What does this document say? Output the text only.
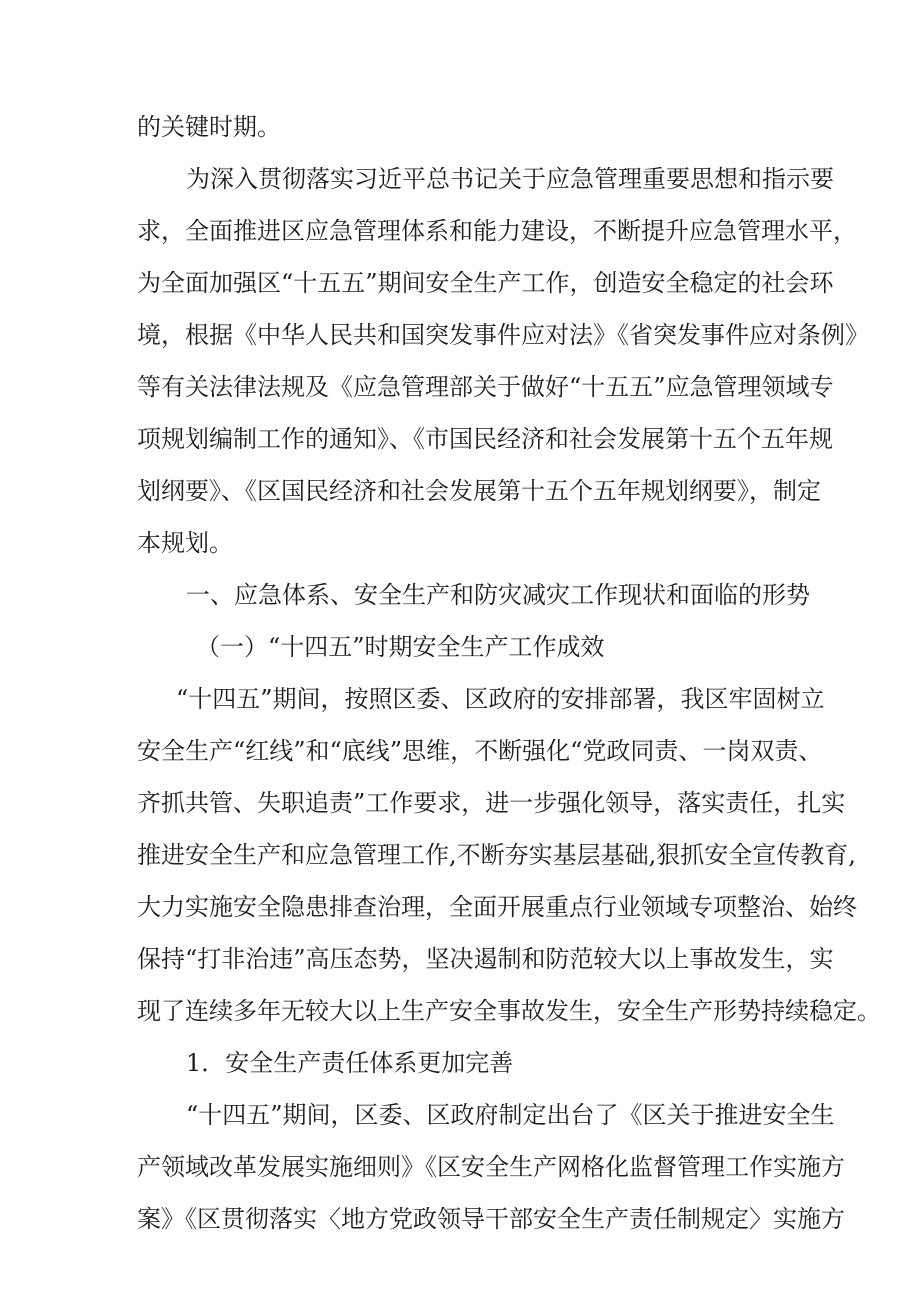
的关键时期。

为深入贯彻落实习近平总书记关于应急管理重要思想和指示要

求，全面推进区应急管理体系和能力建设，不断提升应急管理水平，

为全面加强区“十五五”期间安全生产工作，创造安全稳定的社会环

境，根据《中华人民共和国突发事件应对法》《省突发事件应对条例》

等有关法律法规及《应急管理部关于做好“十五五”应急管理领域专

项规划编制工作的通知》、《市国民经济和社会发展第十五个五年规

划纲要》、《区国民经济和社会发展第十五个五年规划纲要》，制定

本规划。

一、应急体系、安全生产和防灾减灾工作现状和面临的形势

（一）“十四五”时期安全生产工作成效

“十四五”期间，按照区委、区政府的安排部署，我区牢固树立

安全生产“红线”和“底线”思维，不断强化“党政同责、一岗双责、

齐抓共管、失职追责”工作要求，进一步强化领导，落实责任，扎实

推进安全生产和应急管理工作,不断夯实基层基础,狠抓安全宣传教育,

大力实施安全隐患排查治理，全面开展重点行业领域专项整治、始终

保持“打非治违”高压态势，坚决遏制和防范较大以上事故发生，实

现了连续多年无较大以上生产安全事故发生，安全生产形势持续稳定。

1．安全生产责任体系更加完善

“十四五”期间，区委、区政府制定出台了《区关于推进安全生

产领域改革发展实施细则》《区安全生产网格化监督管理工作实施方

案》《区贯彻落实〈地方党政领导干部安全生产责任制规定〉实施方
